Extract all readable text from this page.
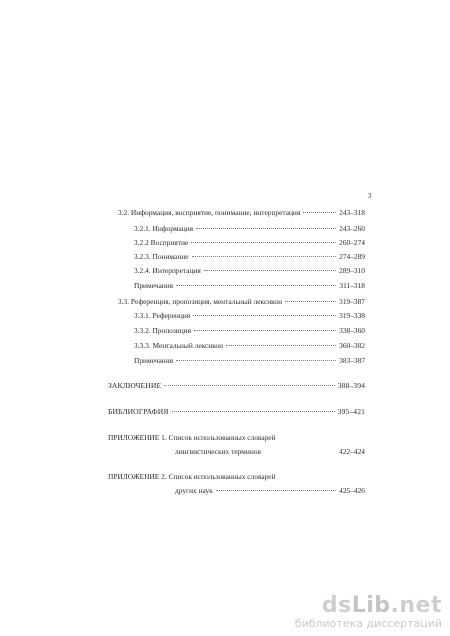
3
3.2. Информация, восприятие, понимание, интерпретация	243–318
3.2.1. Информация	243–260
3.2.2 Восприятие	260–274
3.2.3. Понимание	274–289
3.2.4. Интерпретация	289–310
Примечания	311–318
3.3. Референция, пропозиция, ментальный лексикон	319–387
3.3.1. Референция	319–338
3.3.2. Пропозиция	338–360
3.3.3. Ментальный лексикон	360–382
Примечания	383–387
ЗАКЛЮЧЕНИЕ	388–394
БИБЛИОГРАФИЯ	395–421
ПРИЛОЖЕНИЕ 1. Список использованных словарей
лингвистических терминов	422–424
ПРИЛОЖЕНИЕ 2. Список использованных словарей
других наук	425–426
dsLib.net
библиотека диссертаций
